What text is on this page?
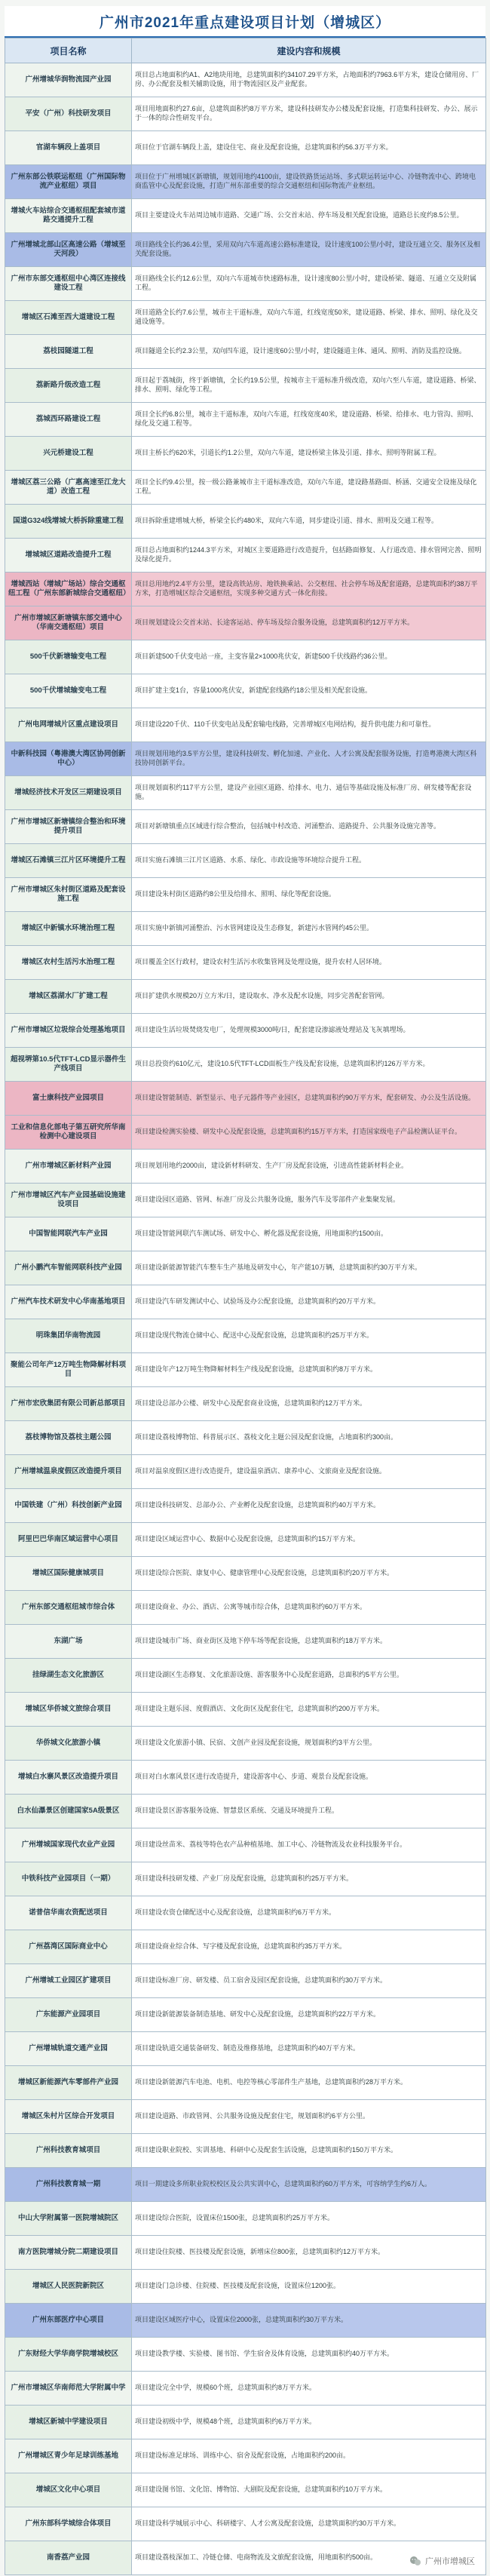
广州市2021年重点建设项目计划（增城区）
项目名称	建设内容和规模
广州增城华润物流园产业园	项目总占地面积约A1、A2地块用地，总建筑面积约34107.29平方米，占地面积约7963.6平方米，建设仓储用房、厂房、办公配套及相关辅助设施，用于物流园区及产业配套。
平安（广州）科技研发项目	项目用地面积约27.6亩，总建筑面积约8万平方米，建设科技研发办公楼及配套设施，打造集科技研发、办公、展示于一体的综合性研发平台。
官湖车辆段上盖项目	项目位于官湖车辆段上盖，建设住宅、商业及配套设施，总建筑面积约56.3万平方米。
广州东部公铁联运枢纽（广州国际物流产业枢纽）项目	项目位于广州增城区新塘镇，规划用地约4100亩，建设铁路货运站场、多式联运转运中心、冷链物流中心、跨境电商监管中心及配套设施，打造广州东部重要的综合交通枢纽和国际物流产业枢纽。
增城火车站综合交通枢纽配套城市道路交通提升工程	项目主要建设火车站周边城市道路、交通广场、公交首末站、停车场及相关配套设施，道路总长度约8.5公里。
广州增城北部山区高速公路（增城至天河段）	项目路线全长约36.4公里，采用双向六车道高速公路标准建设，设计速度100公里/小时，建设互通立交、服务区及相关配套设施。
广州市东部交通枢纽中心湾区连接线建设工程	项目路线全长约12.6公里，双向六车道城市快速路标准，设计速度80公里/小时，建设桥梁、隧道、互通立交及附属工程。
增城区石滩至西大道建设工程	项目道路全长约7.6公里，城市主干道标准，双向六车道，红线宽度50米，建设道路、桥梁、排水、照明、绿化及交通设施等。
荔枝园隧道工程	项目隧道全长约2.3公里，双向四车道，设计速度60公里/小时，建设隧道主体、通风、照明、消防及监控设施。
荔新路升级改造工程	项目起于荔城街，终于新塘镇，全长约19.5公里，按城市主干道标准升级改造，双向六至八车道，建设道路、桥梁、排水、照明、绿化等工程。
荔城西环路建设工程	项目全长约6.8公里，城市主干道标准，双向六车道，红线宽度40米，建设道路、桥梁、给排水、电力管沟、照明、绿化及交通工程等。
兴元桥建设工程	项目主桥长约620米，引道长约1.2公里，双向六车道，建设桥梁主体及引道、排水、照明等附属工程。
增城区荔三公路（广惠高速至江龙大道）改造工程	项目全长约9.4公里，按一级公路兼城市主干道标准改造，双向六车道，建设路基路面、桥涵、交通安全设施及绿化工程。
国道G324线增城大桥拆除重建工程	项目拆除重建增城大桥，桥梁全长约480米，双向六车道，同步建设引道、排水、照明及交通工程等。
增城城区道路改造提升工程	项目总占地面积约1244.3平方米，对城区主要道路进行改造提升，包括路面修复、人行道改造、排水管网完善、照明及绿化提升。
增城西站（增城广场站）综合交通枢纽工程（广州东部新城综合交通枢纽）	项目总用地约2.4平方公里，建设高铁站房、地铁换乘站、公交枢纽、社会停车场及配套道路，总建筑面积约38万平方米，打造增城区综合交通枢纽，实现多种交通方式一体化衔接。
广州市增城区新塘镇东部交通中心（华南交通枢纽）项目	项目规划建设公交首末站、长途客运站、停车场及综合服务设施，总建筑面积约12万平方米。
500千伏新塘输变电工程	项目新建500千伏变电站一座，主变容量2×1000兆伏安，新建500千伏线路约36公里。
500千伏增城输变电工程	项目扩建主变1台，容量1000兆伏安，新建配套线路约18公里及相关配套设施。
广州电网增城片区重点建设项目	项目建设220千伏、110千伏变电站及配套输电线路，完善增城区电网结构，提升供电能力和可靠性。
中新科技园（粤港澳大湾区协同创新中心）	项目规划用地约3.5平方公里，建设科技研发、孵化加速、产业化、人才公寓及配套服务设施，打造粤港澳大湾区科技协同创新平台。
增城经济技术开发区三期建设项目	项目规划面积约117平方公里，建设产业园区道路、给排水、电力、通信等基础设施及标准厂房、研发楼等配套设施。
广州市增城区新塘镇综合整治和环境提升项目	项目对新塘镇重点区域进行综合整治，包括城中村改造、河涌整治、道路提升、公共服务设施完善等。
增城区石滩镇三江片区环境提升工程	项目实施石滩镇三江片区道路、水系、绿化、市政设施等环境综合提升工程。
广州市增城区朱村街区道路及配套设施工程	项目建设朱村街区道路约8公里及给排水、照明、绿化等配套设施。
增城区中新镇水环境治理工程	项目实施中新镇河涌整治、污水管网建设及生态修复，新建污水管网约45公里。
增城区农村生活污水治理工程	项目覆盖全区行政村，建设农村生活污水收集管网及处理设施，提升农村人居环境。
增城区荔湖水厂扩建工程	项目扩建供水规模20万立方米/日，建设取水、净水及配水设施，同步完善配套管网。
广州市增城区垃圾综合处理基地项目	项目建设生活垃圾焚烧发电厂，处理规模3000吨/日，配套建设渗滤液处理站及飞灰填埋场。
超视堺第10.5代TFT-LCD显示器件生产线项目	项目总投资约610亿元，建设10.5代TFT-LCD面板生产线及配套设施，总建筑面积约126万平方米。
富士康科技产业园项目	项目建设智能制造、新型显示、电子元器件等产业园区，总建筑面积约90万平方米，配套研发、办公及生活设施。
工业和信息化部电子第五研究所华南检测中心建设项目	项目建设检测实验楼、研发中心及配套设施，总建筑面积约15万平方米，打造国家级电子产品检测认证平台。
广州市增城区新材料产业园	项目规划用地约2000亩，建设新材料研发、生产厂房及配套设施，引进高性能新材料企业。
广州市增城区汽车产业园基础设施建设项目	项目建设园区道路、管网、标准厂房及公共服务设施，服务汽车及零部件产业集聚发展。
中国智能网联汽车产业园	项目建设智能网联汽车测试场、研发中心、孵化器及配套设施，用地面积约1500亩。
广州小鹏汽车智能网联科技产业园	项目建设新能源智能汽车整车生产基地及研发中心，年产能10万辆，总建筑面积约30万平方米。
广州汽车技术研发中心华南基地项目	项目建设汽车研发测试中心、试验场及办公配套设施，总建筑面积约20万平方米。
明珠集团华南物流园	项目建设现代物流仓储中心、配送中心及配套设施，总建筑面积约25万平方米。
聚能公司年产12万吨生物降解材料项目	项目建设年产12万吨生物降解材料生产线及配套设施，总建筑面积约8万平方米。
广州市宏欣集团有限公司新总部项目	项目建设总部办公楼、研发中心及配套商业设施，总建筑面积约12万平方米。
荔枝博物馆及荔枝主题公园	项目建设荔枝博物馆、科普展示区、荔枝文化主题公园及配套设施，占地面积约300亩。
广州增城温泉度假区改造提升项目	项目对温泉度假区进行改造提升，建设温泉酒店、康养中心、文旅商业及配套设施。
中国铁建（广州）科技创新产业园	项目建设科技研发、总部办公、产业孵化及配套设施，总建筑面积约40万平方米。
阿里巴巴华南区域运营中心项目	项目建设区域运营中心、数据中心及配套设施，总建筑面积约15万平方米。
增城区国际健康城项目	项目建设综合医院、康复中心、健康管理中心及配套设施，总建筑面积约20万平方米。
广州东部交通枢纽城市综合体	项目建设商业、办公、酒店、公寓等城市综合体，总建筑面积约60万平方米。
东湖广场	项目建设城市广场、商业街区及地下停车场等配套设施，总建筑面积约18万平方米。
挂绿湖生态文化旅游区	项目建设湖区生态修复、文化旅游设施、游客服务中心及配套道路，总面积约5平方公里。
增城区华侨城文旅综合项目	项目建设主题乐园、度假酒店、文化街区及配套住宅，总建筑面积约200万平方米。
华侨城文化旅游小镇	项目建设文化旅游小镇、民宿、文创产业园及配套设施，规划面积约3平方公里。
增城白水寨风景区改造提升项目	项目对白水寨风景区进行改造提升，建设游客中心、步道、观景台及配套设施。
白水仙瀑景区创建国家5A级景区	项目建设景区游客服务设施、智慧景区系统、交通及环境提升工程。
广州增城国家现代农业产业园	项目建设丝苗米、荔枝等特色农产品种植基地、加工中心、冷链物流及农业科技服务平台。
中铁科技产业园项目（一期）	项目建设科技研发楼、产业厂房及配套设施，总建筑面积约25万平方米。
诺普信华南农资配送项目	项目建设农资仓储配送中心及配套设施，总建筑面积约6万平方米。
广州荔湾区国际商业中心	项目建设商业综合体、写字楼及配套设施，总建筑面积约35万平方米。
广州增城工业园区扩建项目	项目建设标准厂房、研发楼、员工宿舍及园区配套设施，总建筑面积约30万平方米。
广东能源产业园项目	项目建设新能源装备制造基地、研发中心及配套设施，总建筑面积约22万平方米。
广州增城轨道交通产业园	项目建设轨道交通装备研发、制造及维修基地，总建筑面积约40万平方米。
增城区新能源汽车零部件产业园	项目建设新能源汽车电池、电机、电控等核心零部件生产基地，总建筑面积约28万平方米。
增城区朱村片区综合开发项目	项目建设道路、市政管网、公共服务设施及配套住宅，规划面积约6平方公里。
广州科技教育城项目	项目建设职业院校、实训基地、科研中心及配套生活设施，总建筑面积约150万平方米。
广州科技教育城一期	项目一期建设多所职业院校校区及公共实训中心，总建筑面积约60万平方米，可容纳学生约6万人。
中山大学附属第一医院增城院区	项目建设综合医院，设置床位1500张，总建筑面积约25万平方米。
南方医院增城分院二期建设项目	项目建设住院楼、医技楼及配套设施，新增床位800张，总建筑面积约12万平方米。
增城区人民医院新院区	项目建设门急诊楼、住院楼、医技楼及配套设施，设置床位1200张。
广州东部医疗中心项目	项目建设区域医疗中心，设置床位2000张，总建筑面积约30万平方米。
广东财经大学华商学院增城校区	项目建设教学楼、实验楼、图书馆、学生宿舍及体育设施，总建筑面积约40万平方米。
广州市增城区华南师范大学附属中学	项目建设完全中学，规模60个班，总建筑面积约8万平方米。
增城区新城中学建设项目	项目建设初级中学，规模48个班，总建筑面积约6万平方米。
广州增城区青少年足球训练基地	项目建设标准足球场、训练中心、宿舍及配套设施，占地面积约200亩。
增城区文化中心项目	项目建设图书馆、文化馆、博物馆、大剧院及配套设施，总建筑面积约10万平方米。
广州东部科学城综合体项目	项目建设科学城展示中心、科研楼宇、人才公寓及配套设施，总建筑面积约30万平方米。
南香荔产业园	项目建设荔枝深加工、冷链仓储、电商物流及文旅配套设施，用地面积约500亩。	广州市增城区
